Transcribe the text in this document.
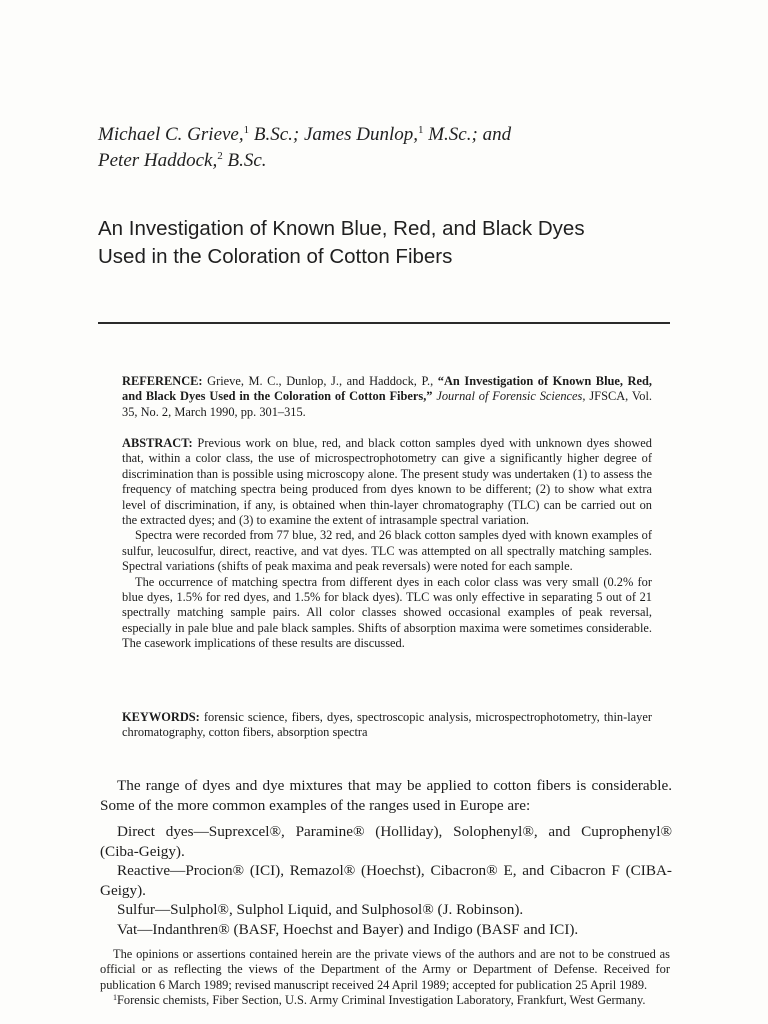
Michael C. Grieve,$^1$ B.Sc.; James Dunlop,$^1$ M.Sc.; and
Peter Haddock,$^2$ B.Sc.
An Investigation of Known Blue, Red, and Black Dyes
Used in the Coloration of Cotton Fibers
REFERENCE: Grieve, M. C., Dunlop, J., and Haddock, P., “An Investigation of Known Blue, Red, and Black Dyes Used in the Coloration of Cotton Fibers,” Journal of Forensic Sciences, JFSCA, Vol. 35, No. 2, March 1990, pp. 301–315.

ABSTRACT: Previous work on blue, red, and black cotton samples dyed with unknown dyes showed that, within a color class, the use of microspectrophotometry can give a significantly higher degree of discrimination than is possible using microscopy alone. The present study was undertaken (1) to assess the frequency of matching spectra being produced from dyes known to be different; (2) to show what extra level of discrimination, if any, is obtained when thin-layer chromatography (TLC) can be carried out on the extracted dyes; and (3) to examine the extent of intrasample spectral variation.

Spectra were recorded from 77 blue, 32 red, and 26 black cotton samples dyed with known examples of sulfur, leucosulfur, direct, reactive, and vat dyes. TLC was attempted on all spectrally matching samples. Spectral variations (shifts of peak maxima and peak reversals) were noted for each sample.

The occurrence of matching spectra from different dyes in each color class was very small (0.2% for blue dyes, 1.5% for red dyes, and 1.5% for black dyes). TLC was only effective in separating 5 out of 21 spectrally matching sample pairs. All color classes showed occasional examples of peak reversal, especially in pale blue and pale black samples. Shifts of absorption maxima were sometimes considerable. The casework implications of these results are discussed.

KEYWORDS: forensic science, fibers, dyes, spectroscopic analysis, microspectrophotometry, thin-layer chromatography, cotton fibers, absorption spectra

The range of dyes and dye mixtures that may be applied to cotton fibers is considerable. Some of the more common examples of the ranges used in Europe are:

Direct dyes—Suprexcel®, Paramine® (Holliday), Solophenyl®, and Cuprophenyl® (Ciba-Geigy).

Reactive—Procion® (ICI), Remazol® (Hoechst), Cibacron® E, and Cibacron F (CIBA-Geigy).

Sulfur—Sulphol®, Sulphol Liquid, and Sulphosol® (J. Robinson).

Vat—Indanthren® (BASF, Hoechst and Bayer) and Indigo (BASF and ICI).

The opinions or assertions contained herein are the private views of the authors and are not to be construed as official or as reflecting the views of the Department of the Army or Department of Defense. Received for publication 6 March 1989; revised manuscript received 24 April 1989; accepted for publication 25 April 1989.

$^1$Forensic chemists, Fiber Section, U.S. Army Criminal Investigation Laboratory, Frankfurt, West Germany.
